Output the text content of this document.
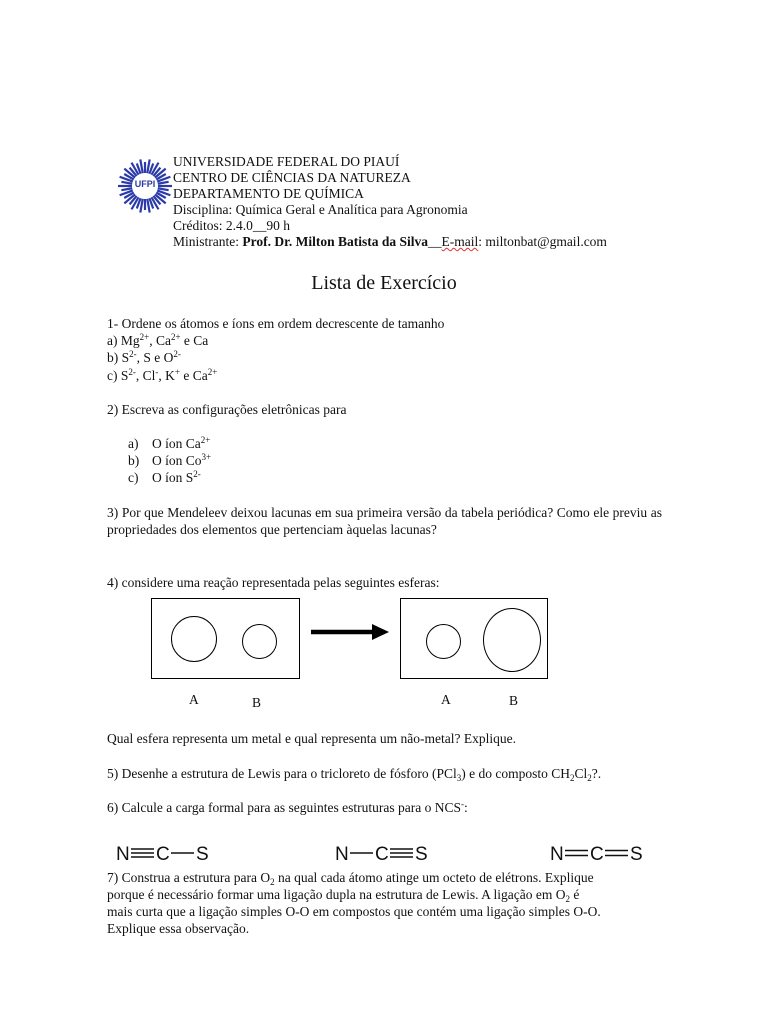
UFPI
UNIVERSIDADE FEDERAL DO PIAUÍ
CENTRO DE CIÊNCIAS DA NATUREZA
DEPARTAMENTO DE QUÍMICA
Disciplina: Química Geral e Analítica para Agronomia
Créditos: 2.4.0__90 h
Ministrante: Prof. Dr. Milton Batista da Silva__E-mail: miltonbat@gmail.com
Lista de Exercício
1- Ordene os átomos e íons em ordem decrescente de tamanho
a) $Mg^{2+}$, $Ca^{2+}$ e Ca
b) $S^{2-}$, S e $O^{2-}$
c) $S^{2-}$, Cl-, K+ e $Ca^{2+}$
2) Escreva as configurações eletrônicas para
a) O íon $Ca^{2+}$
b) O íon $Co^{3+}$
c) O íon $S^{2-}$
3) Por que Mendeleev deixou lacunas em sua primeira versão da tabela periódica? Como ele previu as propriedades dos elementos que pertenciam àquelas lacunas?
4) considere uma reação representada pelas seguintes esferas:
A	B	A	B
Qual esfera representa um metal e qual representa um não-metal? Explique.
5) Desenhe a estrutura de Lewis para o tricloreto de fósforo (PCl$_3$) e do composto $CH_2Cl_2$?.
6) Calcule a carga formal para as seguintes estruturas para o NCS-:
N C S	N C S	N C S
7) Construa a estrutura para $O_2$ na qual cada átomo atinge um octeto de elétrons. Explique
porque é necessário formar uma ligação dupla na estrutura de Lewis. A ligação em $O_2$ é
mais curta que a ligação simples O-O em compostos que contém uma ligação simples O-O.
Explique essa observação.
